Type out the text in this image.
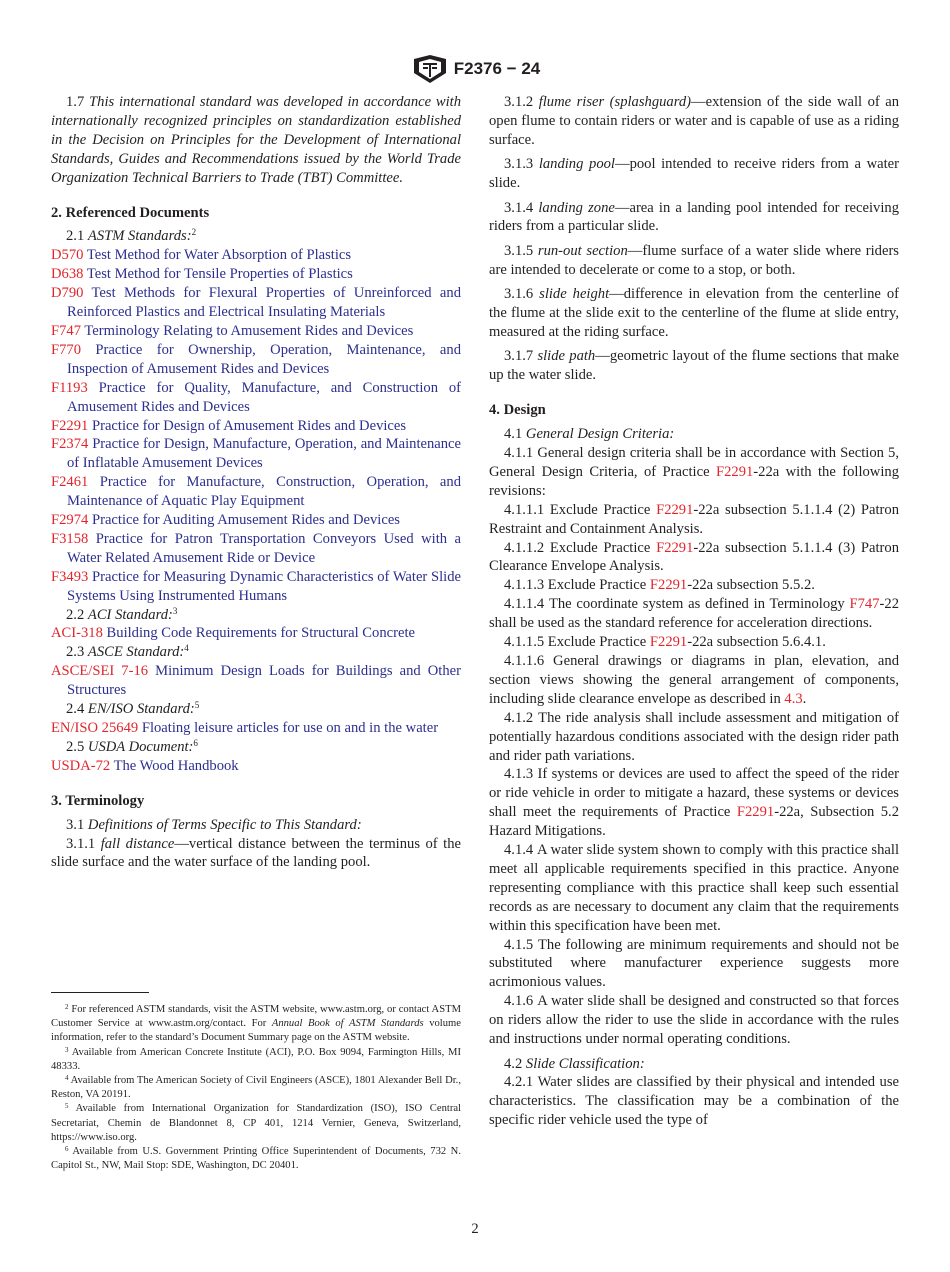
F2376 − 24

1.7 This international standard was developed in accordance with internationally recognized principles on standardization established in the Decision on Principles for the Development of International Standards, Guides and Recommendations issued by the World Trade Organization Technical Barriers to Trade (TBT) Committee.

2. Referenced Documents

2.1 ASTM Standards:$^2$

D570 Test Method for Water Absorption of Plastics

D638 Test Method for Tensile Properties of Plastics

D790 Test Methods for Flexural Properties of Unreinforced and Reinforced Plastics and Electrical Insulating Materials

F747 Terminology Relating to Amusement Rides and Devices

F770 Practice for Ownership, Operation, Maintenance, and Inspection of Amusement Rides and Devices

F1193 Practice for Quality, Manufacture, and Construction of Amusement Rides and Devices

F2291 Practice for Design of Amusement Rides and Devices

F2374 Practice for Design, Manufacture, Operation, and Maintenance of Inflatable Amusement Devices

F2461 Practice for Manufacture, Construction, Operation, and Maintenance of Aquatic Play Equipment

F2974 Practice for Auditing Amusement Rides and Devices

F3158 Practice for Patron Transportation Conveyors Used with a Water Related Amusement Ride or Device

F3493 Practice for Measuring Dynamic Characteristics of Water Slide Systems Using Instrumented Humans

2.2 ACI Standard:$^3$

ACI-318 Building Code Requirements for Structural Concrete

2.3 ASCE Standard:$^4$

ASCE/SEI 7-16 Minimum Design Loads for Buildings and Other Structures

2.4 EN/ISO Standard:$^5$

EN/ISO 25649 Floating leisure articles for use on and in the water

2.5 USDA Document:$^6$

USDA-72 The Wood Handbook

3. Terminology

3.1 Definitions of Terms Specific to This Standard:

3.1.1 fall distance—vertical distance between the terminus of the slide surface and the water surface of the landing pool.

$^2$ For referenced ASTM standards, visit the ASTM website, www.astm.org, or contact ASTM Customer Service at www.astm.org/contact. For Annual Book of ASTM Standards volume information, refer to the standard’s Document Summary page on the ASTM website.

$^3$ Available from American Concrete Institute (ACI), P.O. Box 9094, Farmington Hills, MI 48333.

$^4$ Available from The American Society of Civil Engineers (ASCE), 1801 Alexander Bell Dr., Reston, VA 20191.

$^5$ Available from International Organization for Standardization (ISO), ISO Central Secretariat, Chemin de Blandonnet 8, CP 401, 1214 Vernier, Geneva, Switzerland, https://www.iso.org.

$^6$ Available from U.S. Government Printing Office Superintendent of Documents, 732 N. Capitol St., NW, Mail Stop: SDE, Washington, DC 20401.

3.1.2 flume riser (splashguard)—extension of the side wall of an open flume to contain riders or water and is capable of use as a riding surface.

3.1.3 landing pool—pool intended to receive riders from a water slide.

3.1.4 landing zone—area in a landing pool intended for receiving riders from a particular slide.

3.1.5 run-out section—flume surface of a water slide where riders are intended to decelerate or come to a stop, or both.

3.1.6 slide height—difference in elevation from the centerline of the flume at the slide exit to the centerline of the flume at slide entry, measured at the riding surface.

3.1.7 slide path—geometric layout of the flume sections that make up the water slide.

4. Design

4.1 General Design Criteria:

4.1.1 General design criteria shall be in accordance with Section 5, General Design Criteria, of Practice F2291-22a with the following revisions:

4.1.1.1 Exclude Practice F2291-22a subsection 5.1.1.4 (2) Patron Restraint and Containment Analysis.

4.1.1.2 Exclude Practice F2291-22a subsection 5.1.1.4 (3) Patron Clearance Envelope Analysis.

4.1.1.3 Exclude Practice F2291-22a subsection 5.5.2.

4.1.1.4 The coordinate system as defined in Terminology F747-22 shall be used as the standard reference for acceleration directions.

4.1.1.5 Exclude Practice F2291-22a subsection 5.6.4.1.

4.1.1.6 General drawings or diagrams in plan, elevation, and section views showing the general arrangement of components, including slide clearance envelope as described in 4.3.

4.1.2 The ride analysis shall include assessment and mitigation of potentially hazardous conditions associated with the design rider path and rider path variations.

4.1.3 If systems or devices are used to affect the speed of the rider or ride vehicle in order to mitigate a hazard, these systems or devices shall meet the requirements of Practice F2291-22a, Subsection 5.2 Hazard Mitigations.

4.1.4 A water slide system shown to comply with this practice shall meet all applicable requirements specified in this practice. Anyone representing compliance with this practice shall keep such essential records as are necessary to document any claim that the requirements within this specification have been met.

4.1.5 The following are minimum requirements and should not be substituted where manufacturer experience suggests more acrimonious values.

4.1.6 A water slide shall be designed and constructed so that forces on riders allow the rider to use the slide in accordance with the rules and instructions under normal operating conditions.

4.2 Slide Classification:

4.2.1 Water slides are classified by their physical and intended use characteristics. The classification may be a combination of the specific rider vehicle used the type of

2
